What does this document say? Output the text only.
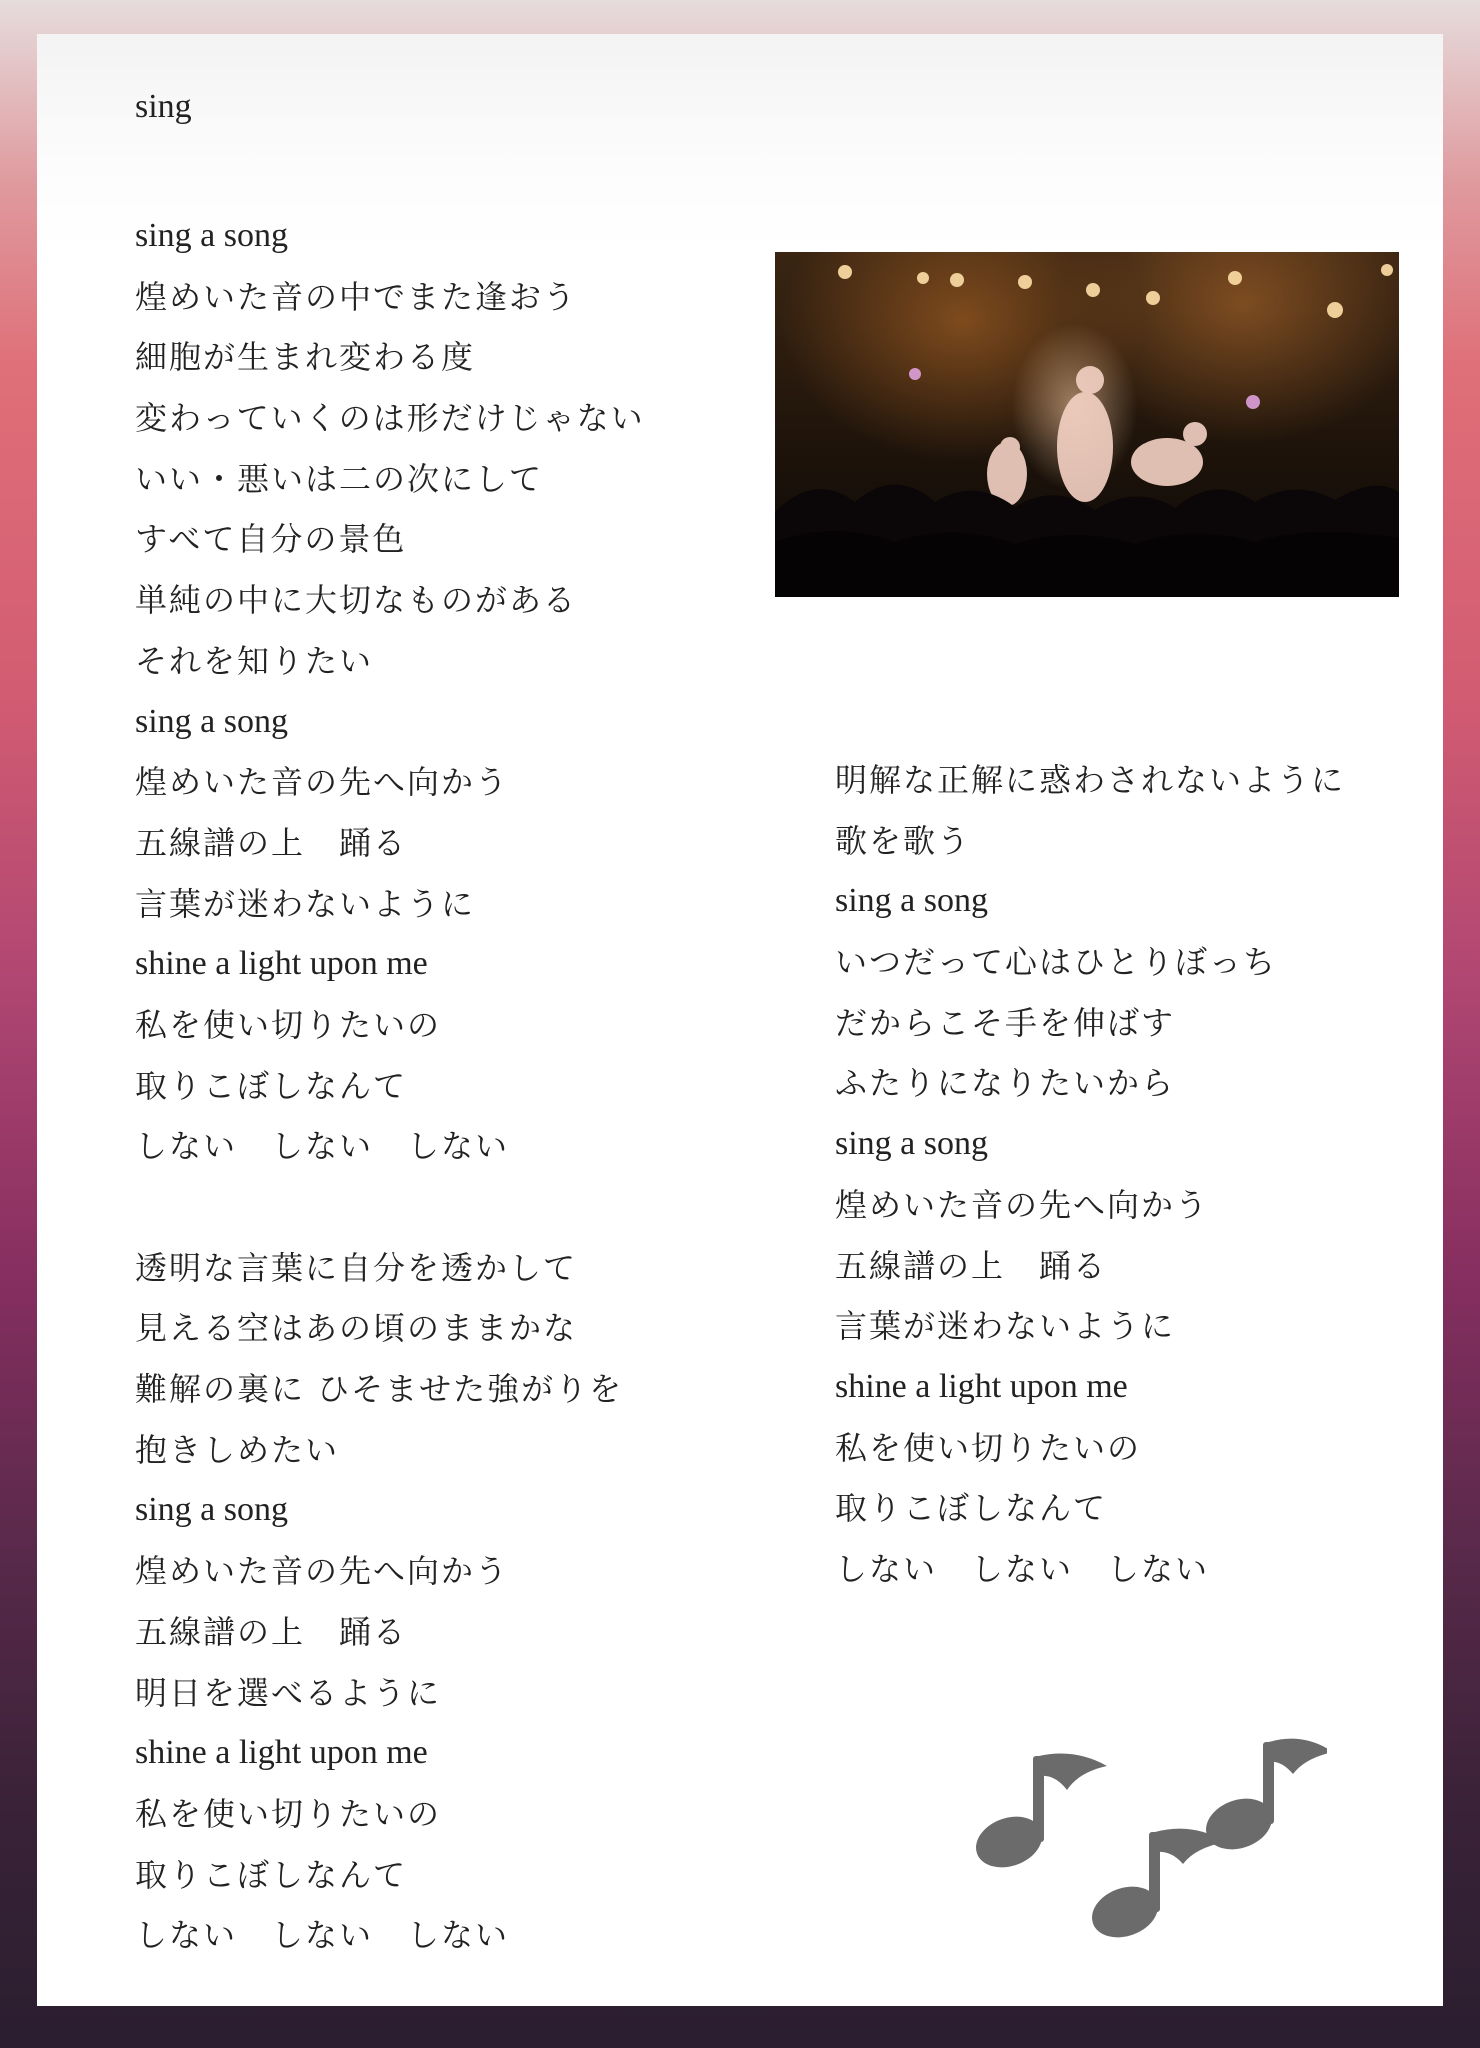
sing
sing a song
煌めいた音の中でまた逢おう
細胞が生まれ変わる度
変わっていくのは形だけじゃない
いい・悪いは二の次にして
すべて自分の景色
単純の中に大切なものがある
それを知りたい
sing a song
煌めいた音の先へ向かう
五線譜の上　踊る
言葉が迷わないように
shine a light upon me
私を使い切りたいの
取りこぼしなんて
しない　しない　しない
透明な言葉に自分を透かして
見える空はあの頃のままかな
難解の裏に ひそませた強がりを
抱きしめたい
sing a song
煌めいた音の先へ向かう
五線譜の上　踊る
明日を選べるように
shine a light upon me
私を使い切りたいの
取りこぼしなんて
しない　しない　しない
明解な正解に惑わされないように
歌を歌う
sing a song
いつだって心はひとりぼっち
だからこそ手を伸ばす
ふたりになりたいから
sing a song
煌めいた音の先へ向かう
五線譜の上　踊る
言葉が迷わないように
shine a light upon me
私を使い切りたいの
取りこぼしなんて
しない　しない　しない
